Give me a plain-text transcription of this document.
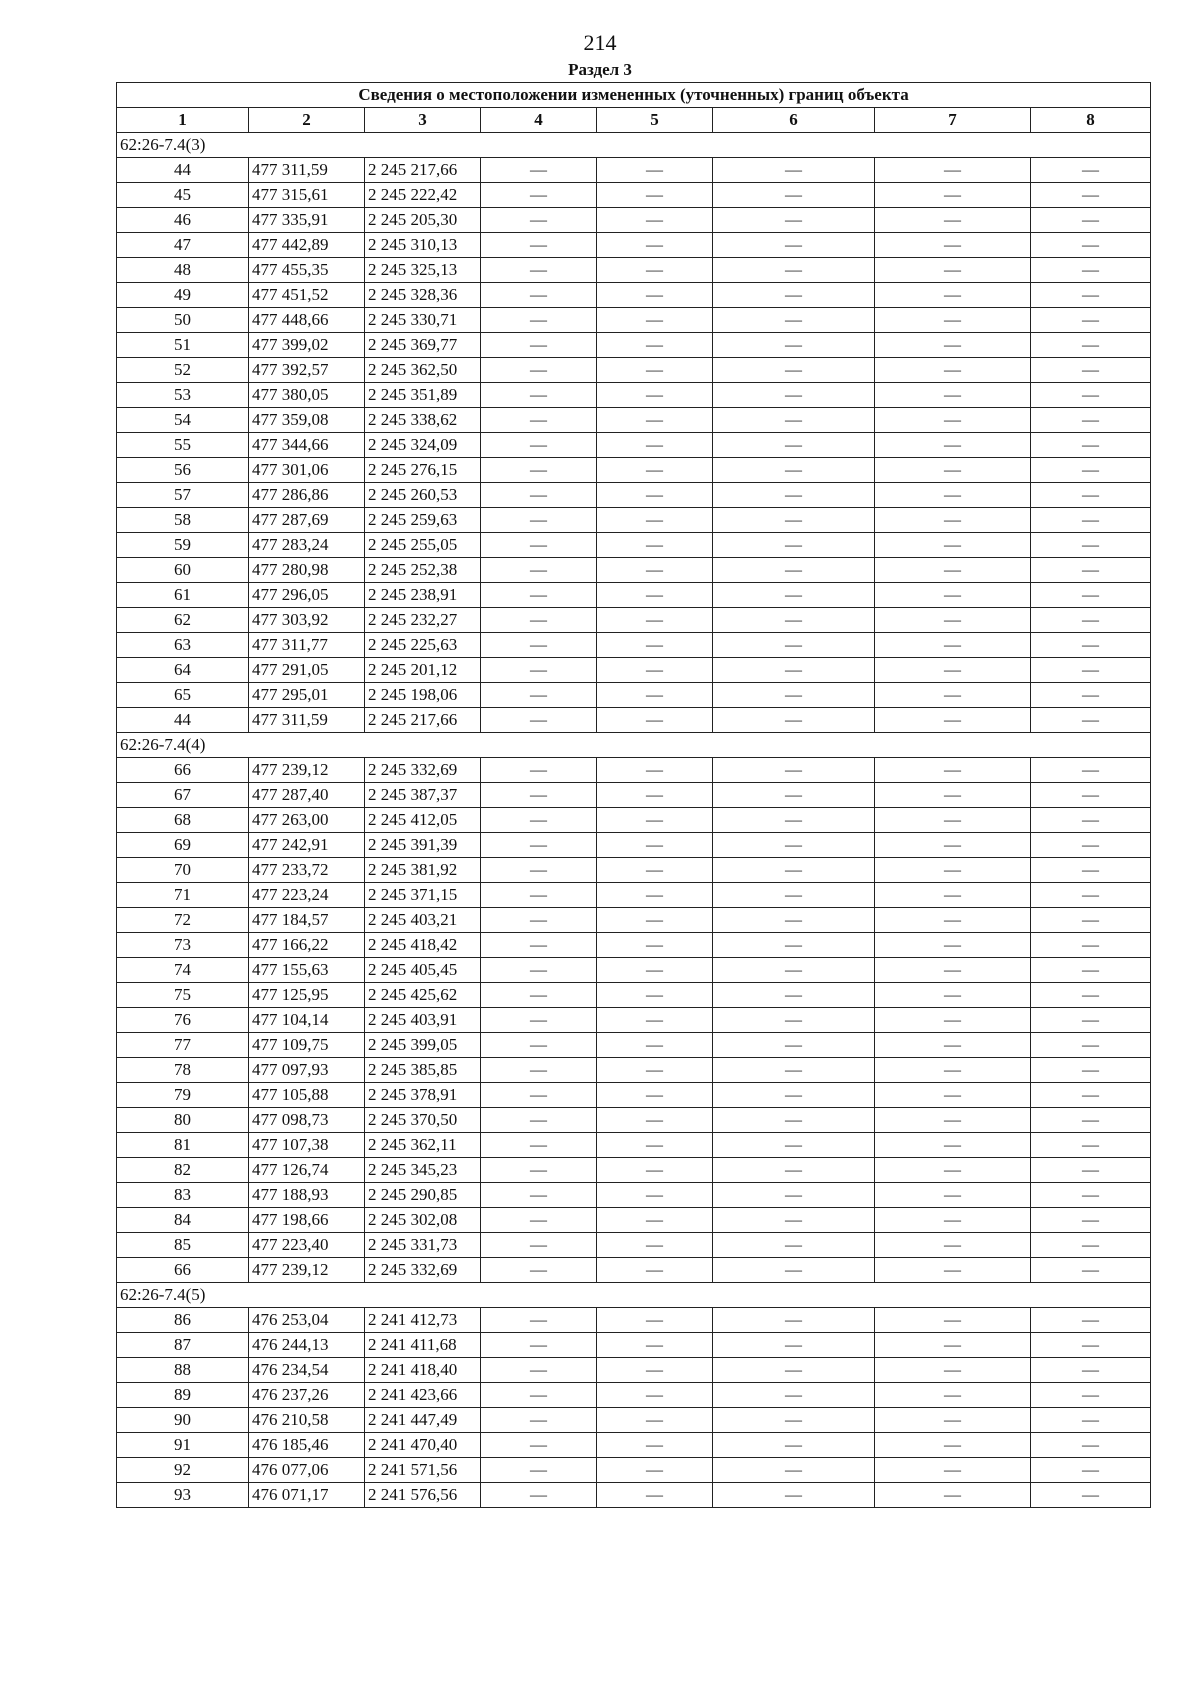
214
Раздел 3
Сведения о местоположении измененных (уточненных) границ объекта							
1	2	3	4	5	6	7	8
62:26-7.4(3)							
44	477 311,59	2 245 217,66	—	—	—	—	—
45	477 315,61	2 245 222,42	—	—	—	—	—
46	477 335,91	2 245 205,30	—	—	—	—	—
47	477 442,89	2 245 310,13	—	—	—	—	—
48	477 455,35	2 245 325,13	—	—	—	—	—
49	477 451,52	2 245 328,36	—	—	—	—	—
50	477 448,66	2 245 330,71	—	—	—	—	—
51	477 399,02	2 245 369,77	—	—	—	—	—
52	477 392,57	2 245 362,50	—	—	—	—	—
53	477 380,05	2 245 351,89	—	—	—	—	—
54	477 359,08	2 245 338,62	—	—	—	—	—
55	477 344,66	2 245 324,09	—	—	—	—	—
56	477 301,06	2 245 276,15	—	—	—	—	—
57	477 286,86	2 245 260,53	—	—	—	—	—
58	477 287,69	2 245 259,63	—	—	—	—	—
59	477 283,24	2 245 255,05	—	—	—	—	—
60	477 280,98	2 245 252,38	—	—	—	—	—
61	477 296,05	2 245 238,91	—	—	—	—	—
62	477 303,92	2 245 232,27	—	—	—	—	—
63	477 311,77	2 245 225,63	—	—	—	—	—
64	477 291,05	2 245 201,12	—	—	—	—	—
65	477 295,01	2 245 198,06	—	—	—	—	—
44	477 311,59	2 245 217,66	—	—	—	—	—
62:26-7.4(4)							
66	477 239,12	2 245 332,69	—	—	—	—	—
67	477 287,40	2 245 387,37	—	—	—	—	—
68	477 263,00	2 245 412,05	—	—	—	—	—
69	477 242,91	2 245 391,39	—	—	—	—	—
70	477 233,72	2 245 381,92	—	—	—	—	—
71	477 223,24	2 245 371,15	—	—	—	—	—
72	477 184,57	2 245 403,21	—	—	—	—	—
73	477 166,22	2 245 418,42	—	—	—	—	—
74	477 155,63	2 245 405,45	—	—	—	—	—
75	477 125,95	2 245 425,62	—	—	—	—	—
76	477 104,14	2 245 403,91	—	—	—	—	—
77	477 109,75	2 245 399,05	—	—	—	—	—
78	477 097,93	2 245 385,85	—	—	—	—	—
79	477 105,88	2 245 378,91	—	—	—	—	—
80	477 098,73	2 245 370,50	—	—	—	—	—
81	477 107,38	2 245 362,11	—	—	—	—	—
82	477 126,74	2 245 345,23	—	—	—	—	—
83	477 188,93	2 245 290,85	—	—	—	—	—
84	477 198,66	2 245 302,08	—	—	—	—	—
85	477 223,40	2 245 331,73	—	—	—	—	—
66	477 239,12	2 245 332,69	—	—	—	—	—
62:26-7.4(5)							
86	476 253,04	2 241 412,73	—	—	—	—	—
87	476 244,13	2 241 411,68	—	—	—	—	—
88	476 234,54	2 241 418,40	—	—	—	—	—
89	476 237,26	2 241 423,66	—	—	—	—	—
90	476 210,58	2 241 447,49	—	—	—	—	—
91	476 185,46	2 241 470,40	—	—	—	—	—
92	476 077,06	2 241 571,56	—	—	—	—	—
93	476 071,17	2 241 576,56	—	—	—	—	—
